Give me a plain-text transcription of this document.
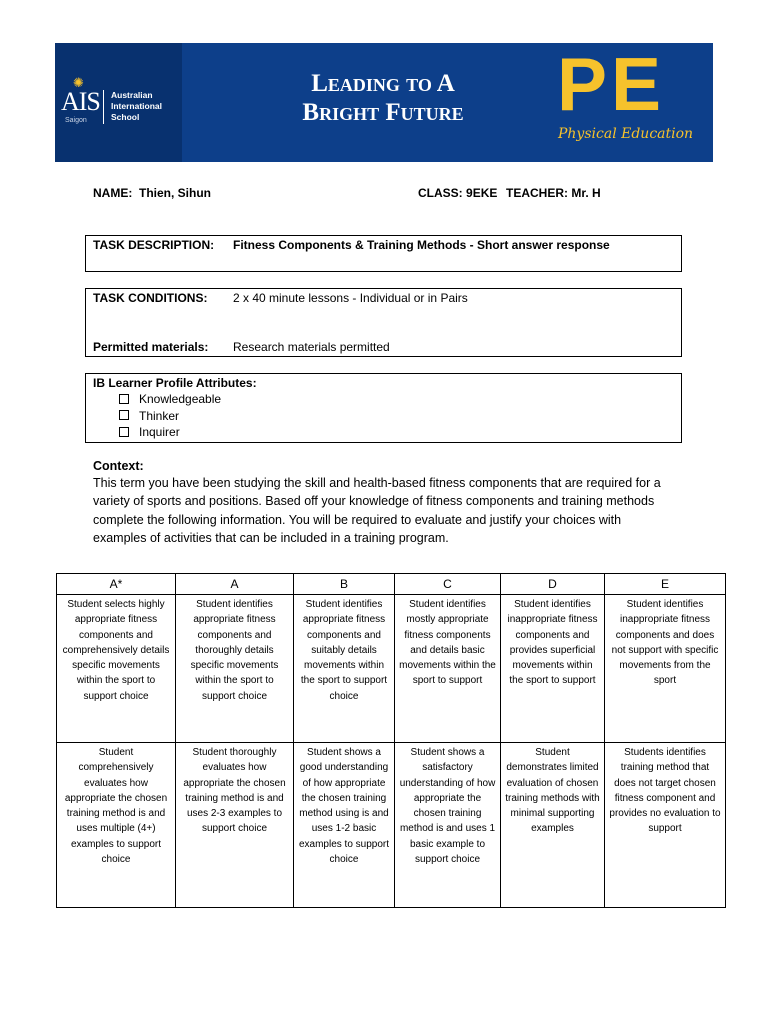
✺
AIS
Saigon
Australian
International
School
Leading to A
Bright Future	PE
Physical Education
NAME: Thien, Sihun	CLASS: 9EKE TEACHER: Mr. H
TASK DESCRIPTION: Fitness Components & Training Methods - Short answer response
TASK CONDITIONS: 2 x 40 minute lessons - Individual or in Pairs
Permitted materials: Research materials permitted
IB Learner Profile Attributes:
Knowledgeable
Thinker
Inquirer
Context:
This term you have been studying the skill and health-based fitness components that are required for a variety of sports and positions. Based off your knowledge of fitness components and training methods complete the following information. You will be required to evaluate and justify your choices with examples of activities that can be included in a training program.
A*	A	B	C	D	E
Student selects highly appropriate fitness components and comprehensively details specific movements within the sport to support choice	Student identifies appropriate fitness components and thoroughly details specific movements within the sport to support choice	Student identifies appropriate fitness components and suitably details movements within the sport to support choice	Student identifies mostly appropriate fitness components and details basic movements within the sport to support	Student identifies inappropriate fitness components and provides superficial movements within the sport to support	Student identifies inappropriate fitness components and does not support with specific movements from the sport
Student comprehensively evaluates how appropriate the chosen training method is and uses multiple (4+) examples to support choice	Student thoroughly evaluates how appropriate the chosen training method is and uses 2-3 examples to support choice	Student shows a good understanding of how appropriate the chosen training method using is and uses 1-2 basic examples to support choice	Student shows a satisfactory understanding of how appropriate the chosen training method is and uses 1 basic example to support choice	Student demonstrates limited evaluation of chosen training methods with minimal supporting examples	Students identifies training method that does not target chosen fitness component and provides no evaluation to support
